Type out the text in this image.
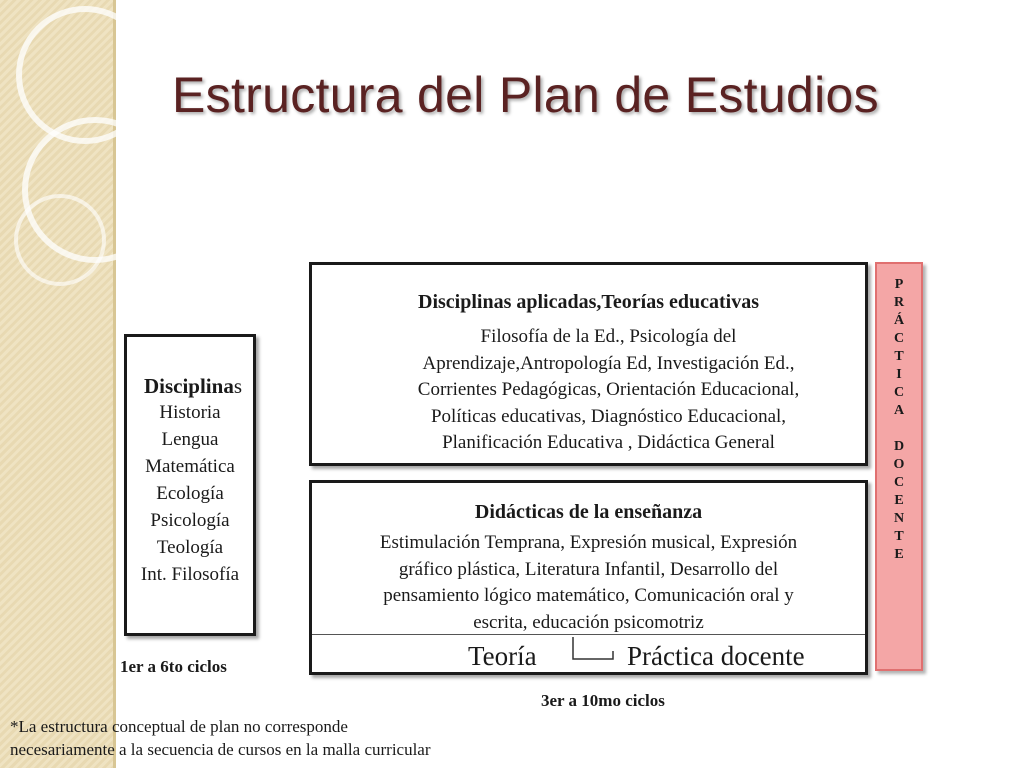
Estructura del Plan de Estudios
Disciplinas
Historia
Lengua
Matemática
Ecología
Psicología
Teología
Int. Filosofía
Disciplinas aplicadas,Teorías educativas
Filosofía de la Ed., Psicología del
Aprendizaje,Antropología Ed, Investigación Ed.,
Corrientes Pedagógicas, Orientación Educacional,
Políticas educativas, Diagnóstico Educacional,
Planificación Educativa , Didáctica General
Didácticas de la enseñanza
Estimulación Temprana, Expresión musical, Expresión
gráfico plástica, Literatura Infantil, Desarrollo del
pensamiento lógico matemático, Comunicación oral y
escrita, educación psicomotriz
Teoría	Práctica docente
P
R
Á
C
T
I
C
A
D
O
C
E
N
T
E
1er a 6to ciclos
3er a 10mo ciclos
*La estructura conceptual de plan no corresponde
necesariamente a la secuencia de cursos en la malla curricular
